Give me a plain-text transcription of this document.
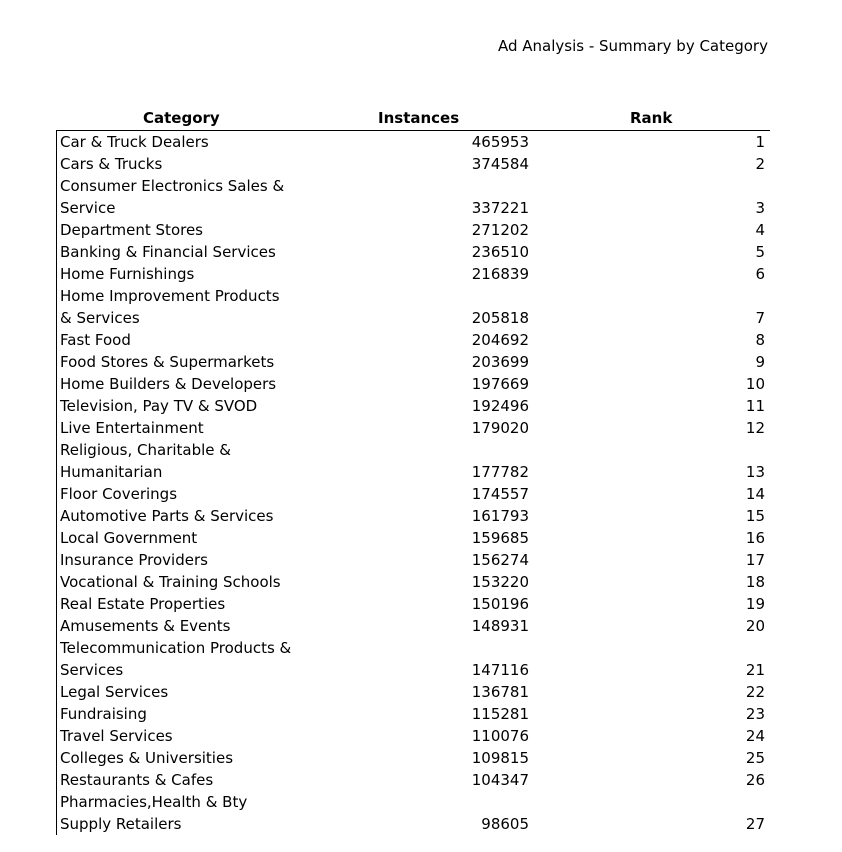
Ad Analysis - Summary by Category
Category	Instances	Rank
Car & Truck Dealers	465953	1
Cars & Trucks	374584	2
Consumer Electronics Sales & Service	337221	3
Department Stores	271202	4
Banking & Financial Services	236510	5
Home Furnishings	216839	6
Home Improvement Products & Services	205818	7
Fast Food	204692	8
Food Stores & Supermarkets	203699	9
Home Builders & Developers	197669	10
Television, Pay TV & SVOD	192496	11
Live Entertainment	179020	12
Religious, Charitable & Humanitarian	177782	13
Floor Coverings	174557	14
Automotive Parts & Services	161793	15
Local Government	159685	16
Insurance Providers	156274	17
Vocational & Training Schools	153220	18
Real Estate Properties	150196	19
Amusements & Events	148931	20
Telecommunication Products & Services	147116	21
Legal Services	136781	22
Fundraising	115281	23
Travel Services	110076	24
Colleges & Universities	109815	25
Restaurants & Cafes	104347	26
Pharmacies,Health & Bty Supply Retailers	98605	27
